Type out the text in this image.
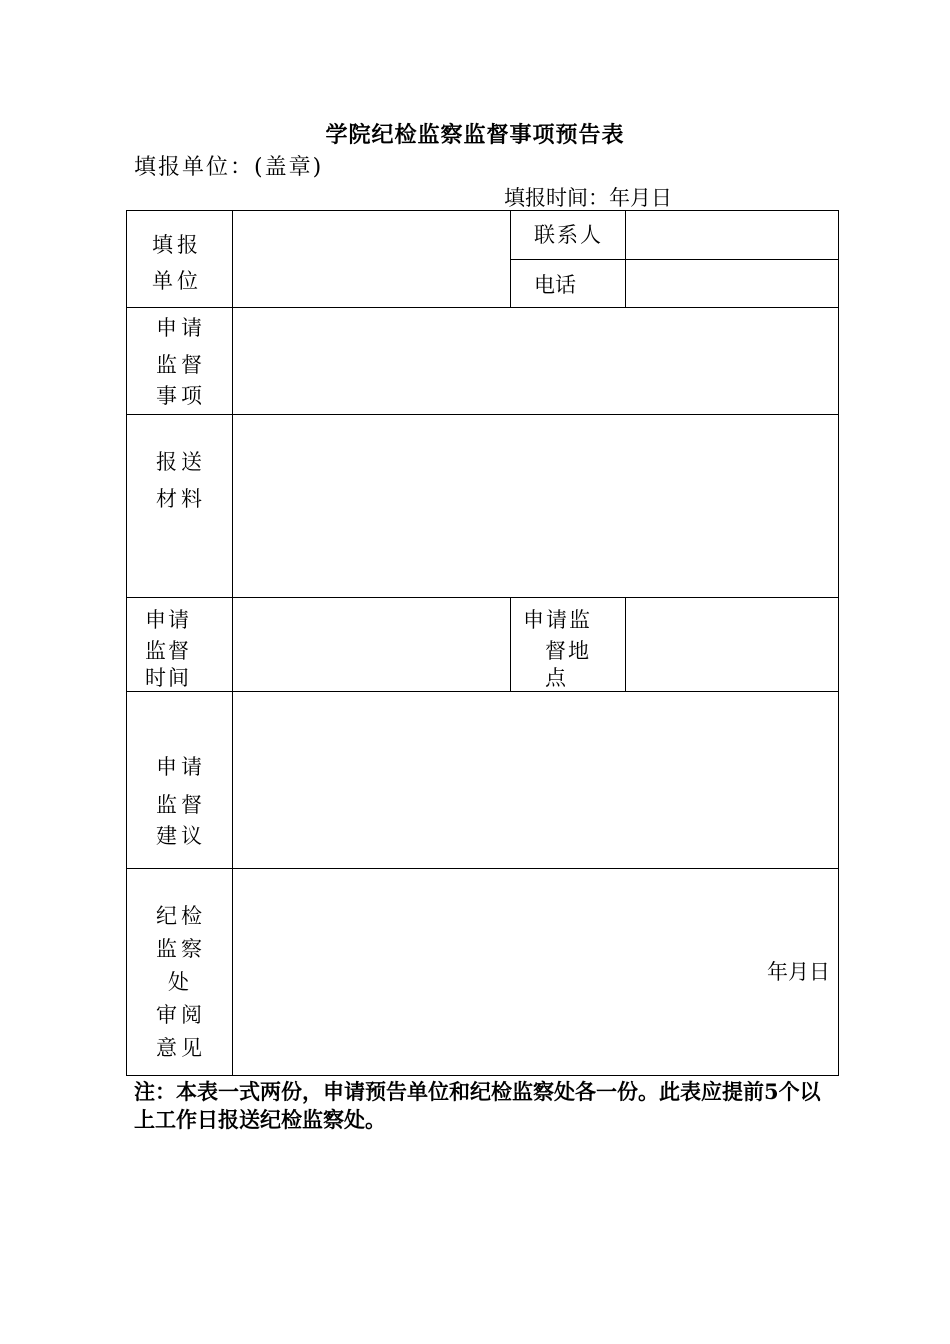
学院纪检监察监督事项预告表
填报单位：(盖章)
填报时间：年月日
填报
单位
联系人
电话
申请
监督
事项
报送
材料
申请
监督
时间
申请监
督地
点
申请
监督
建议
纪检
监察
处
审阅
意见
年月日
注：本表一式两份，申请预告单位和纪检监察处各一份。此表应提前5个以上工作日报送纪检监察处。
